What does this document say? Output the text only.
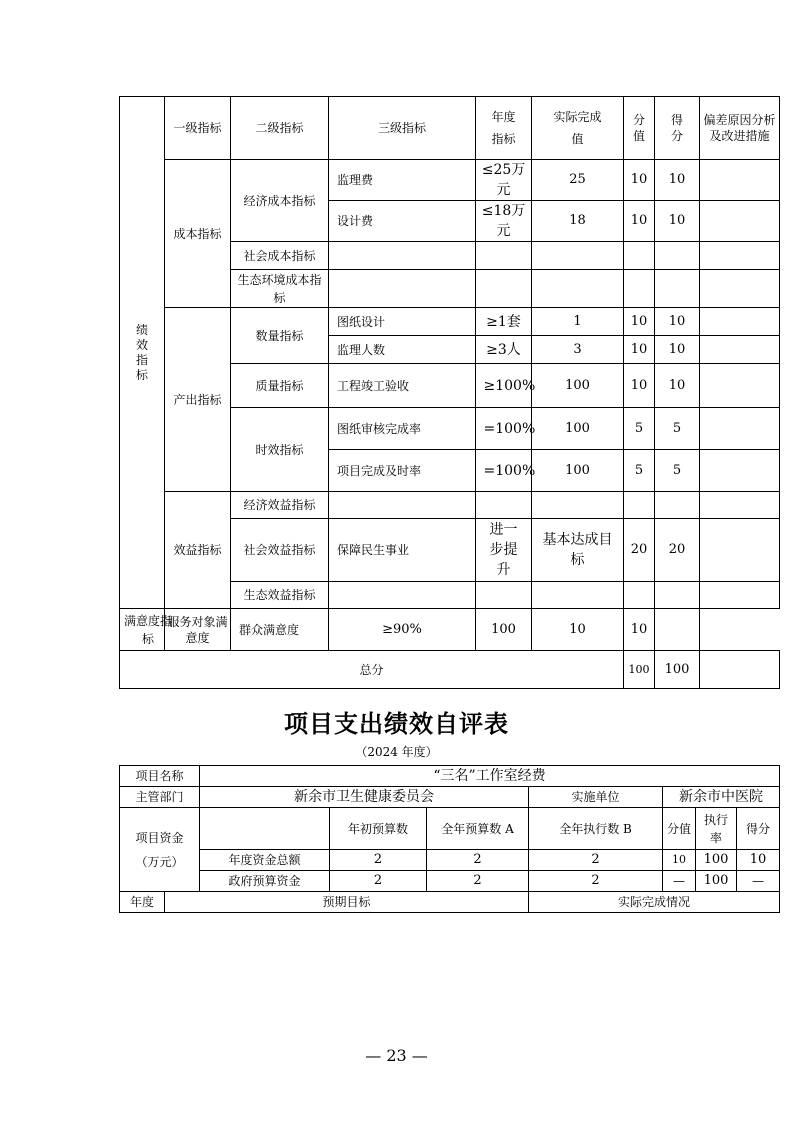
绩效指标	一级指标	二级指标	三级指标	年度指标	实际完成值	分值	得分	偏差原因分析及改进措施

	成本指标	经济成本指标	监理费	≤25万元	25	10	10	
			设计费	≤18万元	18	10	10	
		社会成本指标						

		生态环境成本指标						

	产出指标	数量指标	图纸设计	≥1套	1	10	10	
			监理人数	≥3人	3	10	10	
		质量指标	工程竣工验收	≥100%	100	10	10	
		时效指标	图纸审核完成率	=100%	100	5	5	
			项目完成及时率	=100%	100	5	5	
	效益指标	经济效益指标						
		社会效益指标	保障民生事业	进一步提升	基本达成目标	20	20	
		生态效益指标						

满意度指标	服务对象满意度	群众满意度	≥90%	100	10	10		
总分						100	100	
项目支出绩效自评表
（2024 年度）
项目名称		“三名”工作室经费						
主管部门		新余市卫生健康委员会			实施单位	新余市中医院		

项目资金（万元）			年初预算数	全年预算数 A	全年执行数 B	分值	执行率	得分
		年度资金总额	2	2	2	10	100	10
		政府预算资金	2	2	2	—	100	—
年度	预期目标				实际完成情况			
— 23 —
